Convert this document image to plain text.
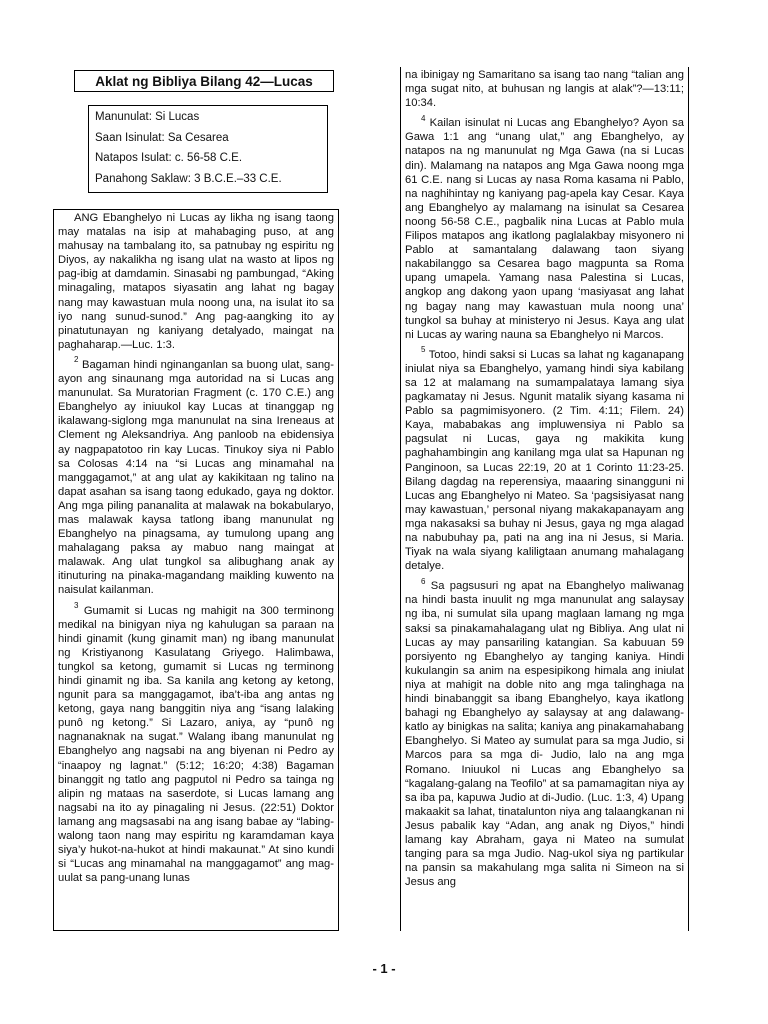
Aklat ng Bibliya Bilang 42—Lucas
Manunulat: Si Lucas
Saan Isinulat: Sa Cesarea
Natapos Isulat: c. 56-58 C.E.
Panahong Saklaw: 3 B.C.E.–33 C.E.

ANG Ebanghelyo ni Lucas ay likha ng isang taong may matalas na isip at mahabaging puso, at ang mahusay na tambalang ito, sa patnubay ng espiritu ng Diyos, ay nakalikha ng isang ulat na wasto at lipos ng pag-ibig at damdamin. Sinasabi ng pambungad, “Aking minagaling, matapos siyasatin ang lahat ng bagay nang may kawastuan mula noong una, na isulat ito sa iyo nang sunud-sunod.” Ang pag-aangking ito ay pinatutunayan ng kaniyang detalyado, maingat na paghaharap.—Luc. 1:3.

$^2$ Bagaman hindi nginanganlan sa buong ulat, sang-ayon ang sinaunang mga autoridad na si Lucas ang manunulat. Sa Muratorian Fragment (c. 170 C.E.) ang Ebanghelyo ay iniuukol kay Lucas at tinanggap ng ikalawang-siglong mga manunulat na sina Ireneaus at Clement ng Aleksandriya. Ang panloob na ebidensiya ay nagpapatotoo rin kay Lucas. Tinukoy siya ni Pablo sa Colosas 4:14 na “si Lucas ang minamahal na manggagamot,” at ang ulat ay kakikitaan ng talino na dapat asahan sa isang taong edukado, gaya ng doktor. Ang mga piling pananalita at malawak na bokabularyo, mas malawak kaysa tatlong ibang manunulat ng Ebanghelyo na pinagsama, ay tumulong upang ang mahalagang paksa ay mabuo nang maingat at malawak. Ang ulat tungkol sa alibughang anak ay itinuturing na pinaka-magandang maikling kuwento na naisulat kailanman.

$^3$ Gumamit si Lucas ng mahigit na 300 terminong medikal na binigyan niya ng kahulugan sa paraan na hindi ginamit (kung ginamit man) ng ibang manunulat ng Kristiyanong Kasulatang Griyego. Halimbawa, tungkol sa ketong, gumamit si Lucas ng terminong hindi ginamit ng iba. Sa kanila ang ketong ay ketong, ngunit para sa manggagamot, iba’t-iba ang antas ng ketong, gaya nang banggitin niya ang “isang lalaking punô ng ketong.” Si Lazaro, aniya, ay “punô ng nagnanaknak na sugat.” Walang ibang manunulat ng Ebanghelyo ang nagsabi na ang biyenan ni Pedro ay “inaapoy ng lagnat.” (5:12; 16:20; 4:38) Bagaman binanggit ng tatlo ang pagputol ni Pedro sa tainga ng alipin ng mataas na saserdote, si Lucas lamang ang nagsabi na ito ay pinagaling ni Jesus. (22:51) Doktor lamang ang magsasabi na ang isang babae ay “labing-walong taon nang may espiritu ng karamdaman kaya siya’y hukot-na-hukot at hindi makaunat.” At sino kundi si “Lucas ang minamahal na manggagamot” ang mag-uulat sa pang-unang lunas

na ibinigay ng Samaritano sa isang tao nang “talian ang mga sugat nito, at buhusan ng langis at alak”?—13:11; 10:34.

$^4$ Kailan isinulat ni Lucas ang Ebanghelyo? Ayon sa Gawa 1:1 ang “unang ulat,” ang Ebanghelyo, ay natapos na ng manunulat ng Mga Gawa (na si Lucas din). Malamang na natapos ang Mga Gawa noong mga 61 C.E. nang si Lucas ay nasa Roma kasama ni Pablo, na naghihintay ng kaniyang pag-apela kay Cesar. Kaya ang Ebanghelyo ay malamang na isinulat sa Cesarea noong 56-58 C.E., pagbalik nina Lucas at Pablo mula Filipos matapos ang ikatlong paglalakbay misyonero ni Pablo at samantalang dalawang taon siyang nakabilanggo sa Cesarea bago magpunta sa Roma upang umapela. Yamang nasa Palestina si Lucas, angkop ang dakong yaon upang ‘masiyasat ang lahat ng bagay nang may kawastuan mula noong una’ tungkol sa buhay at ministeryo ni Jesus. Kaya ang ulat ni Lucas ay waring nauna sa Ebanghelyo ni Marcos.

$^5$ Totoo, hindi saksi si Lucas sa lahat ng kaganapang iniulat niya sa Ebanghelyo, yamang hindi siya kabilang sa 12 at malamang na sumampalataya lamang siya pagkamatay ni Jesus. Ngunit matalik siyang kasama ni Pablo sa pagmimisyonero. (2 Tim. 4:11; Filem. 24) Kaya, mababakas ang impluwensiya ni Pablo sa pagsulat ni Lucas, gaya ng makikita kung paghahambingin ang kanilang mga ulat sa Hapunan ng Panginoon, sa Lucas 22:19, 20 at 1 Corinto 11:23-25. Bilang dagdag na reperensiya, maaaring sinangguni ni Lucas ang Ebanghelyo ni Mateo. Sa ‘pagsisiyasat nang may kawastuan,’ personal niyang makakapanayam ang mga nakasaksi sa buhay ni Jesus, gaya ng mga alagad na nabubuhay pa, pati na ang ina ni Jesus, si Maria. Tiyak na wala siyang kaliligtaan anumang mahalagang detalye.

$^6$ Sa pagsusuri ng apat na Ebanghelyo maliwanag na hindi basta inuulit ng mga manunulat ang salaysay ng iba, ni sumulat sila upang maglaan lamang ng mga saksi sa pinakamahalagang ulat ng Bibliya. Ang ulat ni Lucas ay may pansariling katangian. Sa kabuuan 59 porsiyento ng Ebanghelyo ay tanging kaniya. Hindi kukulangin sa anim na espesipikong himala ang iniulat niya at mahigit na doble nito ang mga talinghaga na hindi binabanggit sa ibang Ebanghelyo, kaya ikatlong bahagi ng Ebanghelyo ay salaysay at ang dalawang-katlo ay binigkas na salita; kaniya ang pinakamahabang Ebanghelyo. Si Mateo ay sumulat para sa mga Judio, si Marcos para sa mga di- Judio, lalo na ang mga Romano. Iniuukol ni Lucas ang Ebanghelyo sa “kagalang-galang na Teofilo” at sa pamamagitan niya ay sa iba pa, kapuwa Judio at di-Judio. (Luc. 1:3, 4) Upang makaakit sa lahat, tinatalunton niya ang talaangkanan ni Jesus pabalik kay “Adan, ang anak ng Diyos,” hindi lamang kay Abraham, gaya ni Mateo na sumulat tanging para sa mga Judio. Nag-ukol siya ng partikular na pansin sa makahulang mga salita ni Simeon na si Jesus ang

- 1 -
